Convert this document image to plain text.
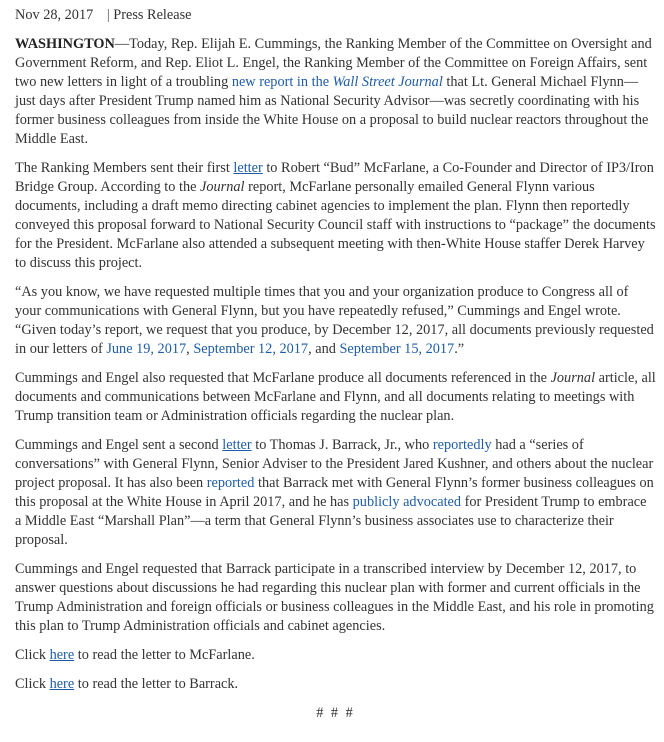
Nov 28, 2017 | Press Release

WASHINGTON—Today, Rep. Elijah E. Cummings, the Ranking Member of the Committee on Oversight and Government Reform, and Rep. Eliot L. Engel, the Ranking Member of the Committee on Foreign Affairs, sent two new letters in light of a troubling new report in the Wall Street Journal that Lt. General Michael Flynn—just days after President Trump named him as National Security Advisor—was secretly coordinating with his former business colleagues from inside the White House on a proposal to build nuclear reactors throughout the Middle East.

The Ranking Members sent their first letter to Robert “Bud” McFarlane, a Co-Founder and Director of IP3/Iron Bridge Group. According to the Journal report, McFarlane personally emailed General Flynn various documents, including a draft memo directing cabinet agencies to implement the plan. Flynn then reportedly conveyed this proposal forward to National Security Council staff with instructions to “package” the documents for the President. McFarlane also attended a subsequent meeting with then-White House staffer Derek Harvey to discuss this project.

“As you know, we have requested multiple times that you and your organization produce to Congress all of your communications with General Flynn, but you have repeatedly refused,” Cummings and Engel wrote. “Given today’s report, we request that you produce, by December 12, 2017, all documents previously requested in our letters of June 19, 2017, September 12, 2017, and September 15, 2017.”

Cummings and Engel also requested that McFarlane produce all documents referenced in the Journal article, all documents and communications between McFarlane and Flynn, and all documents relating to meetings with Trump transition team or Administration officials regarding the nuclear plan.

Cummings and Engel sent a second letter to Thomas J. Barrack, Jr., who reportedly had a “series of conversations” with General Flynn, Senior Adviser to the President Jared Kushner, and others about the nuclear project proposal. It has also been reported that Barrack met with General Flynn’s former business colleagues on this proposal at the White House in April 2017, and he has publicly advocated for President Trump to embrace a Middle East “Marshall Plan”—a term that General Flynn’s business associates use to characterize their proposal.

Cummings and Engel requested that Barrack participate in a transcribed interview by December 12, 2017, to answer questions about discussions he had regarding this nuclear plan with former and current officials in the Trump Administration and foreign officials or business colleagues in the Middle East, and his role in promoting this plan to Trump Administration officials and cabinet agencies.

Click here to read the letter to McFarlane.

Click here to read the letter to Barrack.

# # #
